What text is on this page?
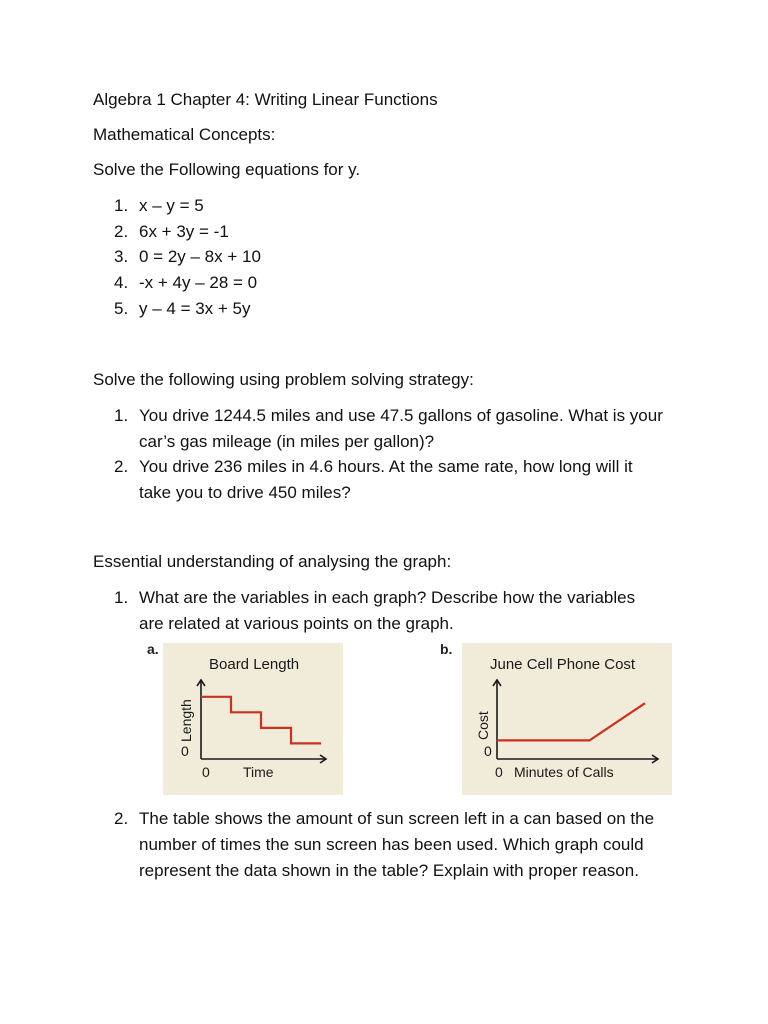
Algebra 1 Chapter 4: Writing Linear Functions
Mathematical Concepts:
Solve the Following equations for y.
1. x – y = 5
2. 6x + 3y = -1
3. 0 = 2y – 8x + 10
4. -x + 4y – 28 = 0
5. y – 4 = 3x + 5y
Solve the following using problem solving strategy:
1. You drive 1244.5 miles and use 47.5 gallons of gasoline. What is your car’s gas mileage (in miles per gallon)?
2. You drive 236 miles in 4.6 hours. At the same rate, how long will it take you to drive 450 miles?
Essential understanding of analysing the graph:
1. What are the variables in each graph? Describe how the variables are related at various points on the graph.
a.
Board Length
Length
0
0 Time
b.
June Cell Phone Cost
Cost
0
0 Minutes of Calls
2. The table shows the amount of sun screen left in a can based on the number of times the sun screen has been used. Which graph could represent the data shown in the table? Explain with proper reason.
